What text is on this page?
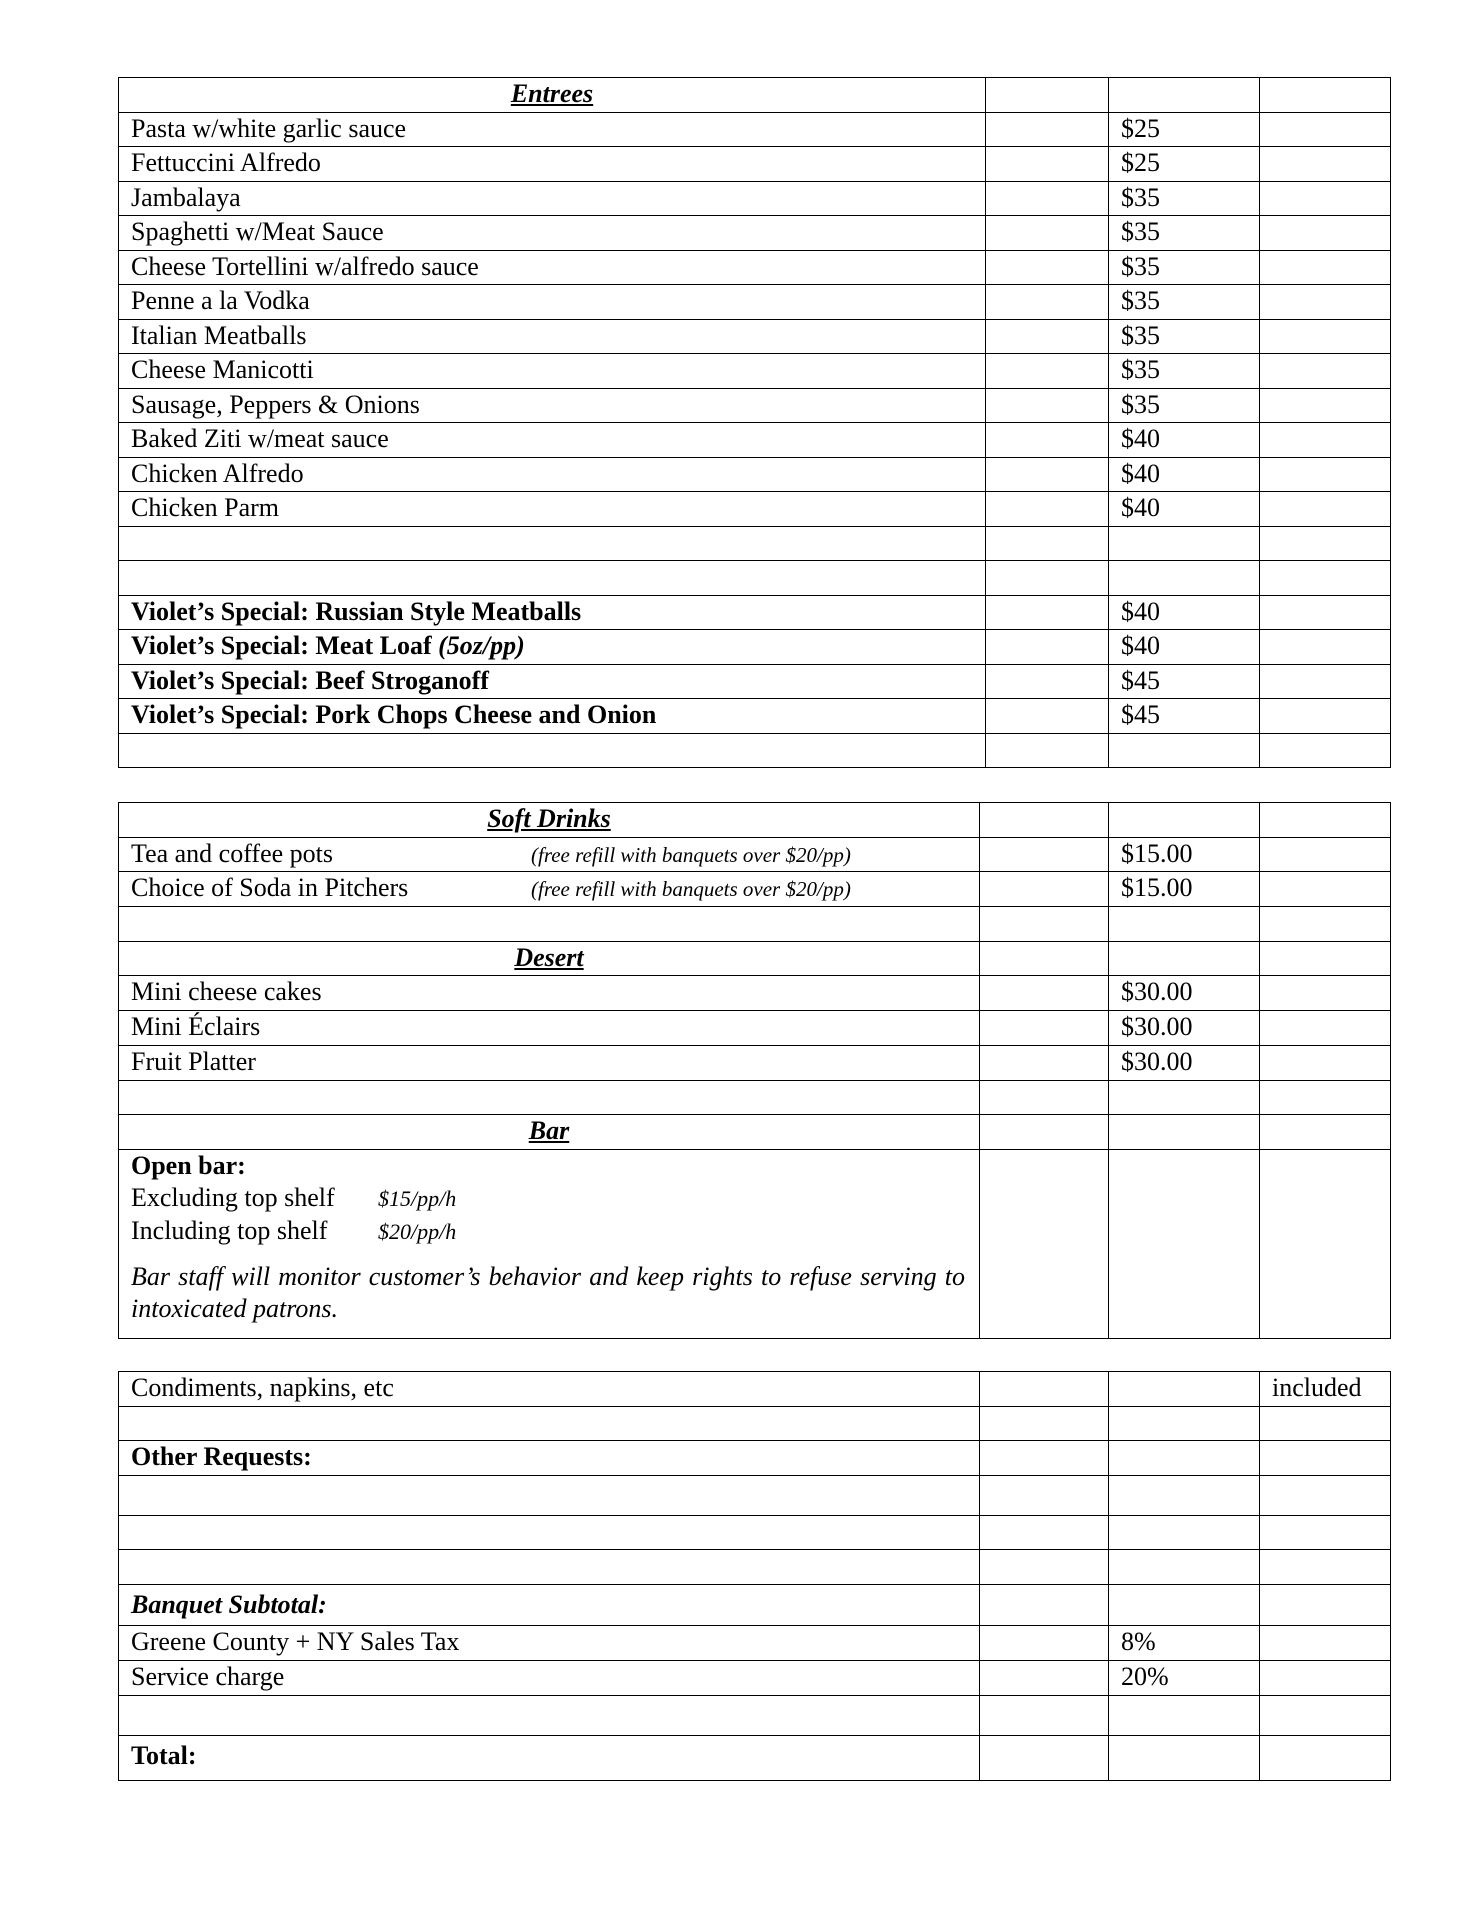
Entrees			
Pasta w/white garlic sauce		$25	
Fettuccini Alfredo		$25	
Jambalaya		$35	
Spaghetti w/Meat Sauce		$35	
Cheese Tortellini w/alfredo sauce		$35	
Penne a la Vodka		$35	
Italian Meatballs		$35	
Cheese Manicotti		$35	
Sausage, Peppers & Onions		$35	
Baked Ziti w/meat sauce		$40	
Chicken Alfredo		$40	
Chicken Parm		$40	

Violet’s Special: Russian Style Meatballs		$40	
Violet’s Special: Meat Loaf (5oz/pp)		$40	
Violet’s Special: Beef Stroganoff		$45	
Violet’s Special: Pork Chops Cheese and Onion		$45	

Soft Drinks			
Tea and coffee pots (free refill with banquets over $20/pp)		$15.00	
Choice of Soda in Pitchers (free refill with banquets over $20/pp)		$15.00	

Desert			
Mini cheese cakes		$30.00	
Mini Éclairs		$30.00	
Fruit Platter		$30.00	

Bar			

Open bar:
Excluding top shelf $15/pp/h
Including top shelf $20/pp/h
Bar staff will monitor customer’s behavior and keep rights to refuse serving to intoxicated patrons.			

Condiments, napkins, etc			included

Other Requests:			

Banquet Subtotal:			
Greene County + NY Sales Tax		8%	
Service charge		20%	

Total:			
